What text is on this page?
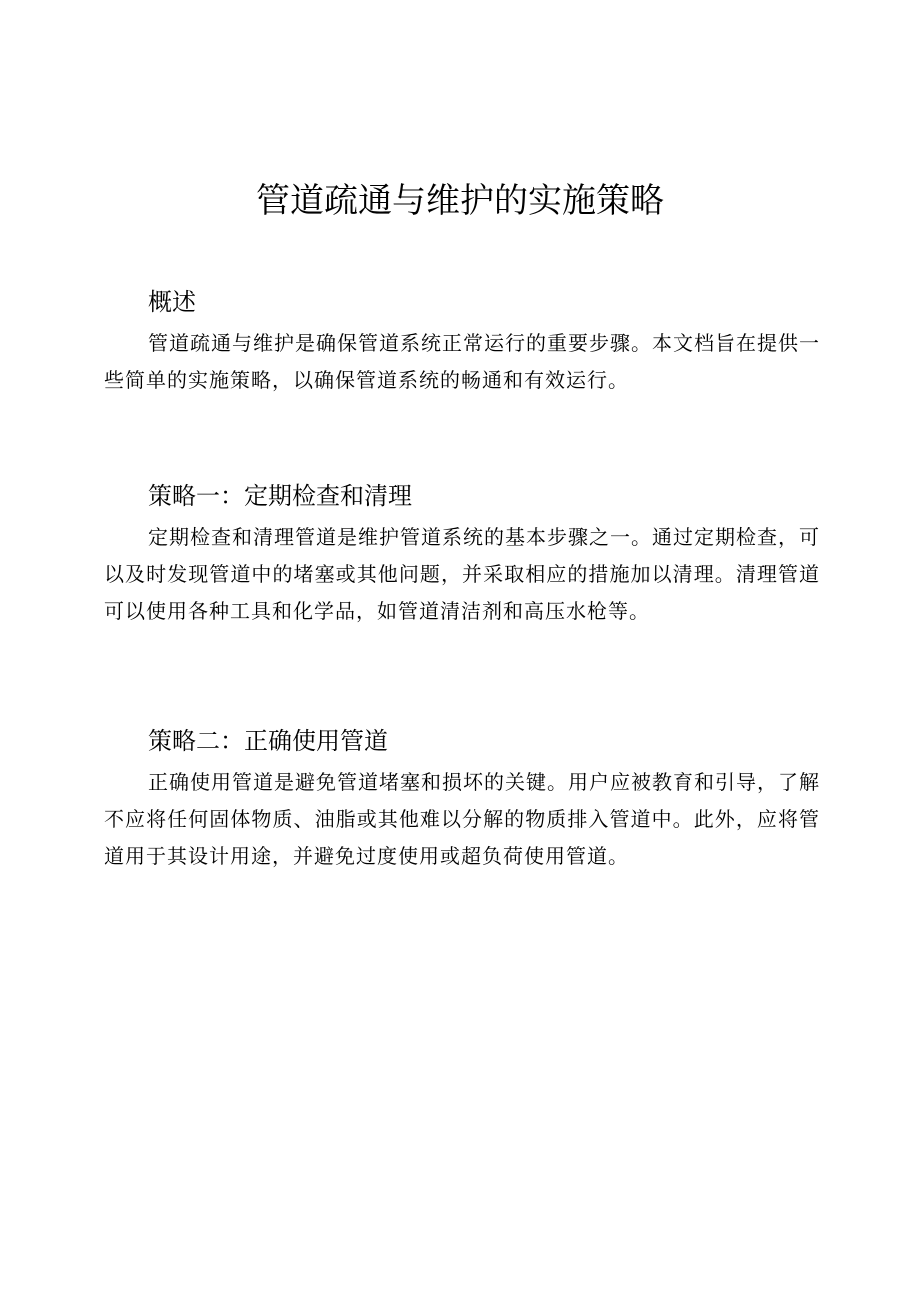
管道疏通与维护的实施策略
概述

管道疏通与维护是确保管道系统正常运行的重要步骤。本文档旨在提供一些简单的实施策略，以确保管道系统的畅通和有效运行。

策略一：定期检查和清理

定期检查和清理管道是维护管道系统的基本步骤之一。通过定期检查，可以及时发现管道中的堵塞或其他问题，并采取相应的措施加以清理。清理管道可以使用各种工具和化学品，如管道清洁剂和高压水枪等。

策略二：正确使用管道

正确使用管道是避免管道堵塞和损坏的关键。用户应被教育和引导，了解不应将任何固体物质、油脂或其他难以分解的物质排入管道中。此外，应将管道用于其设计用途，并避免过度使用或超负荷使用管道。
